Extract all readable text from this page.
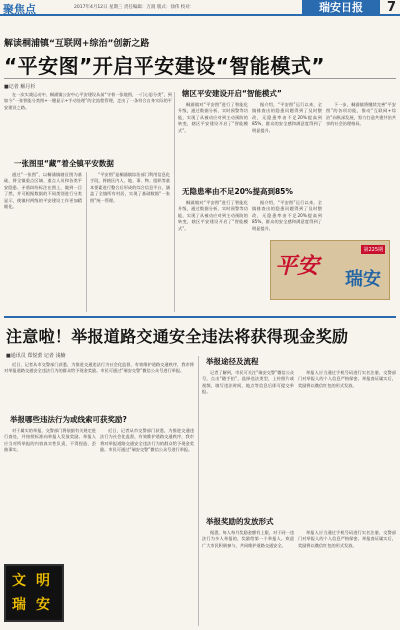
聚焦点	2017年4月12日 星期三 责任编辑：万润 版式：徐伟 校对：	瑞安日报	7
解读桐浦镇“互联网+综治”创新之路
“平安图”开启平安建设“智能模式”
■记者 解月杉

在一次实战运动中，桐浦镇公安中心平安建设从前“守着一张地图，一门心思分类”，到如今“一张智能分类图+一键显示+手动处理”的全流程管理，走出了一条符合自身实际的平安建设之路。

一张图里“藏”着全镇平安数据

通过“一张图”，以桐浦镇辖区图为基础，将全镇重点区域、重点人员和各类平安隐患、矛盾纠纷标注在图上，做到一目了然，并可根据数据的不同类别进行分类显示，使镇村两级的平安建设工作更加精细化。

“平安图”是桐浦镇综治部门利用信息化手段，将辖区内人、地、事、物、组织等基本要素进行整合后形成的综合信息平台，涵盖了全镇所有村居，实现了基础数据“一张图”统一管理。

辖区平安建设开启“智能模式”

桐浦镇对“平安图”进行了智能化升级，通过数据分析、实时预警等功能，实现了从被动应对到主动预防的转变，辖区平安建设开启了“智能模式”。

据介绍，“平安图”运行以来，全镇排查出的隐患问题得到了及时整改，无隐患率由不足20%提高到85%，群众的安全感和满意度得到了明显提升。

下一步，桐浦镇将继续完善“平安图”的各项功能，推动“互联网+综治”向纵深发展，努力打造共建共治共享的社会治理格局。

无隐患率由不足20%提高到85%

桐浦镇对“平安图”进行了智能化升级，通过数据分析、实时预警等功能，实现了从被动应对到主动预防的转变，辖区平安建设开启了“智能模式”。

据介绍，“平安图”运行以来，全镇排查出的隐患问题得到了及时整改，无隐患率由不足20%提高到85%，群众的安全感和满意度得到了明显提升。

第225期
平安
瑞安
注意啦！举报道路交通安全违法将获得现金奖励
■通讯员 郑悦蕾 记者 浅楠

近日，记者从市交警部门获悉，为推进交通违法行为社会化监督，有效维护道路交通秩序，我市将对举报道路交通安全违法行为的群众给予现金奖励。市民可通过“瑞安交警”微信公众号进行举报。

举报哪些违法行为或线索可获奖励?

对于属实的举报，交警部门将依据有关规定进行查处，并按照标准向举报人发放奖励。举报人应当对所举报的内容真实性负责，不得捏造、歪曲事实。

近日，记者从市交警部门获悉，为推进交通违法行为社会化监督，有效维护道路交通秩序，我市将对举报道路交通安全违法行为的群众给予现金奖励。市民可通过“瑞安交警”微信公众号进行举报。

举报途径及流程

记者了解到，市民可关注“瑞安交警”微信公众号，点击“随手拍”，选择违法类型，上传照片或视频，填写违法时间、地点等信息后即可提交举报。

举报人应当通过手机号码进行实名注册，交警部门对举报人的个人信息严格保密。举报查证属实后，奖励将以微信红包的形式发放。

举报奖励的发放形式

据悉，每人每月奖励金额有上限，对于同一违法行为多人举报的，奖励给第一个举报人。欢迎广大市民积极参与，共同维护道路交通安全。

举报人应当通过手机号码进行实名注册，交警部门对举报人的个人信息严格保密。举报查证属实后，奖励将以微信红包的形式发放。

文 明
瑞 安
